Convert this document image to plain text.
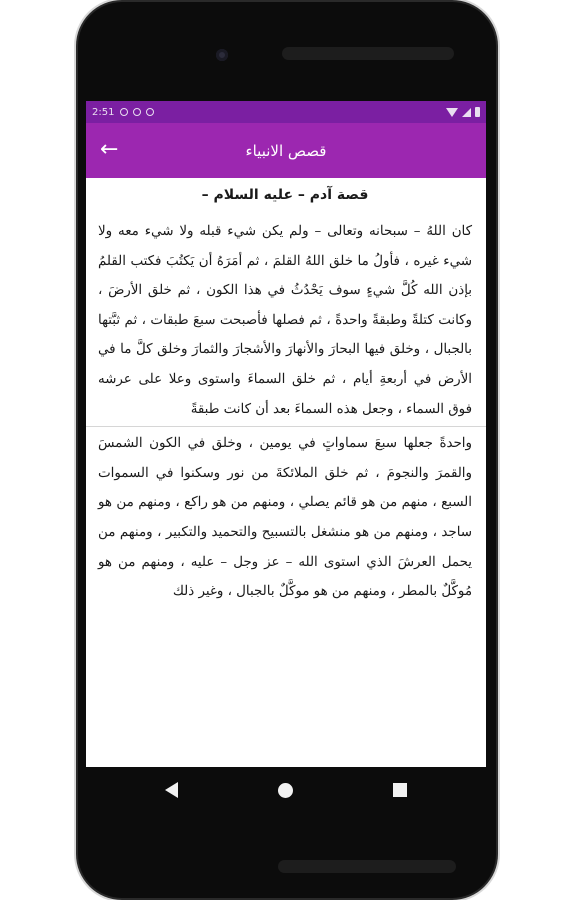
2:51
←	قصص الانبياء
قصة آدم – عليه السلام –

كان اللهُ – سبحانه وتعالى – ولم يكن شيء قبله ولا شيء معه ولا شيء غيره ، فأولُ ما خلق اللهُ القلمَ ، ثم أمَرَهُ أن يَكتُبَ فكتب القلمُ بإذن الله كُلَّ شيءٍ سوف يَحْدُثُ في هذا الكون ، ثم خلق الأرضَ ، وكانت كتلةً وطبقةً واحدةً ، ثم فصلها فأصبحت سبعَ طبقات ، ثم ثبَّتها بالجبال ، وخلق فيها البحارَ والأنهارَ والأشجارَ والثمارَ وخلق كلَّ ما في الأرض في أربعةِ أيام ، ثم خلق السماءَ واستوى وعلا على عرشه فوق السماء ، وجعل هذه السماءَ بعد أن كانت طبقةً

واحدةً جعلها سبعَ سماواتٍ في يومين ، وخلق في الكون الشمسَ والقمرَ والنجومَ ، ثم خلق الملائكةَ من نور وسكنوا في السموات السبع ، منهم من هو قائم يصلي ، ومنهم من هو راكع ، ومنهم من هو ساجد ، ومنهم من هو منشغل بالتسبيح والتحميد والتكبير ، ومنهم من يحمل العرشَ الذي استوى الله – عز وجل – عليه ، ومنهم من هو مُوكَّلٌ بالمطر ، ومنهم من هو موكَّلٌ بالجبال ، وغير ذلك
